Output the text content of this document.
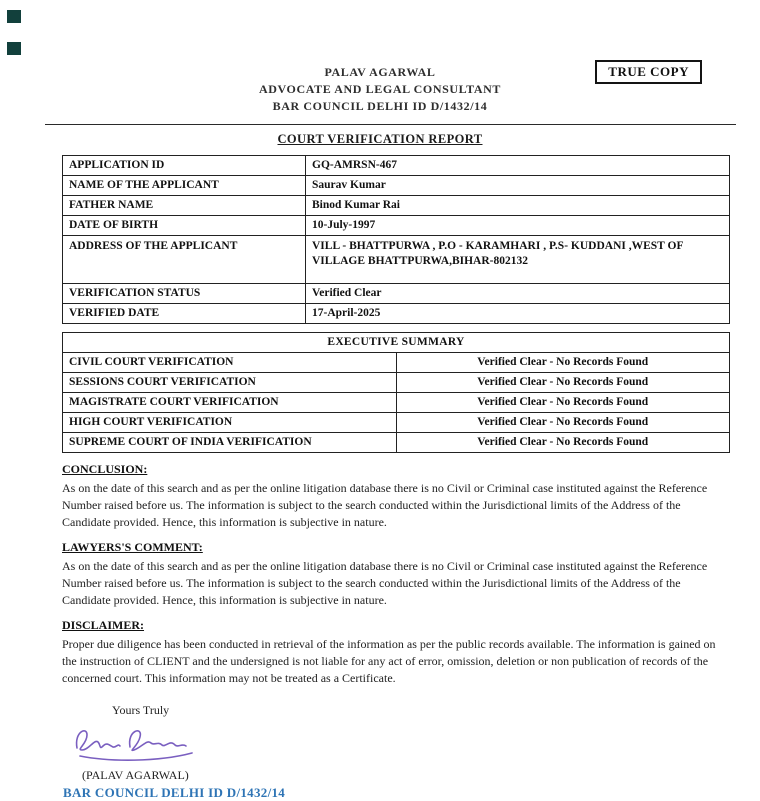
TRUE COPY
PALAV AGARWAL
ADVOCATE AND LEGAL CONSULTANT
BAR COUNCIL DELHI ID D/1432/14
COURT VERIFICATION REPORT
APPLICATION ID	GQ-AMRSN-467
NAME OF THE APPLICANT	Saurav Kumar
FATHER NAME	Binod Kumar Rai
DATE OF BIRTH	10-July-1997
ADDRESS OF THE APPLICANT	VILL - BHATTPURWA , P.O - KARAMHARI , P.S- KUDDANI ,WEST OF VILLAGE BHATTPURWA,BIHAR-802132
VERIFICATION STATUS	Verified Clear
VERIFIED DATE	17-April-2025
EXECUTIVE SUMMARY	
CIVIL COURT VERIFICATION	Verified Clear - No Records Found
SESSIONS COURT VERIFICATION	Verified Clear - No Records Found
MAGISTRATE COURT VERIFICATION	Verified Clear - No Records Found
HIGH COURT VERIFICATION	Verified Clear - No Records Found
SUPREME COURT OF INDIA VERIFICATION	Verified Clear - No Records Found
CONCLUSION:

As on the date of this search and as per the online litigation database there is no Civil or Criminal case instituted against the Reference Number raised before us. The information is subject to the search conducted within the Jurisdictional limits of the Address of the Candidate provided. Hence, this information is subjective in nature.

LAWYERS'S COMMENT:

As on the date of this search and as per the online litigation database there is no Civil or Criminal case instituted against the Reference Number raised before us. The information is subject to the search conducted within the Jurisdictional limits of the Address of the Candidate provided. Hence, this information is subjective in nature.

DISCLAIMER:

Proper due diligence has been conducted in retrieval of the information as per the public records available. The information is gained on the instruction of CLIENT and the undersigned is not liable for any act of error, omission, deletion or non publication of records of the concerned court. This information may not be treated as a Certificate.

Yours Truly
(PALAV AGARWAL)
BAR COUNCIL DELHI ID D/1432/14
